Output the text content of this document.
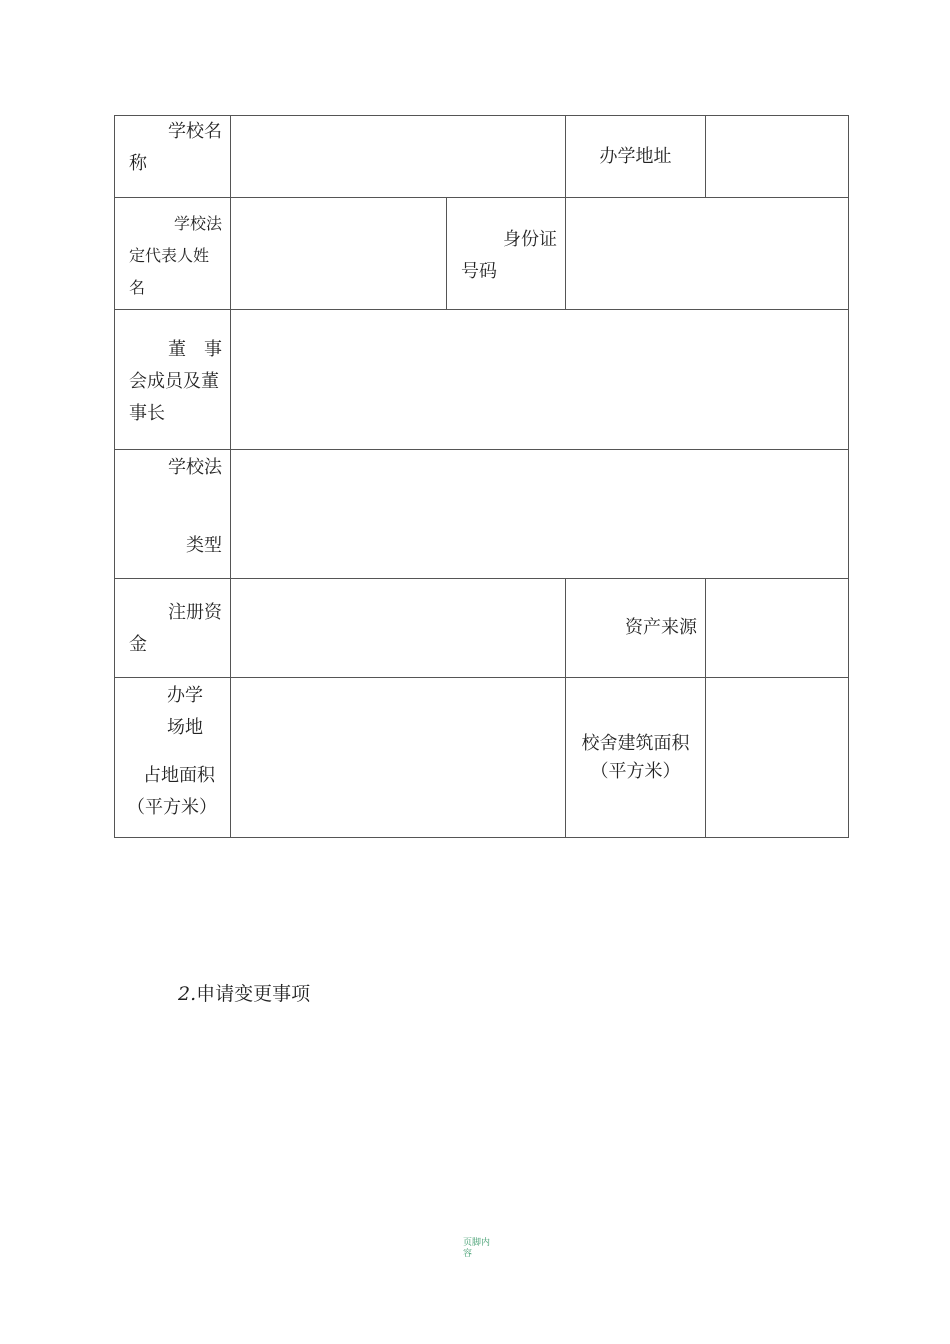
学校名
称			办学地址	

学校法
定代表人姓
名		身份证
号码		

董　事
会成员及董
事长				

学校法
类型				

注册资
金			资产来源	

办学
场地
占地面积
（平方米）			校舍建筑面积
（平方米）	

2.申请变更事项
页脚内容
